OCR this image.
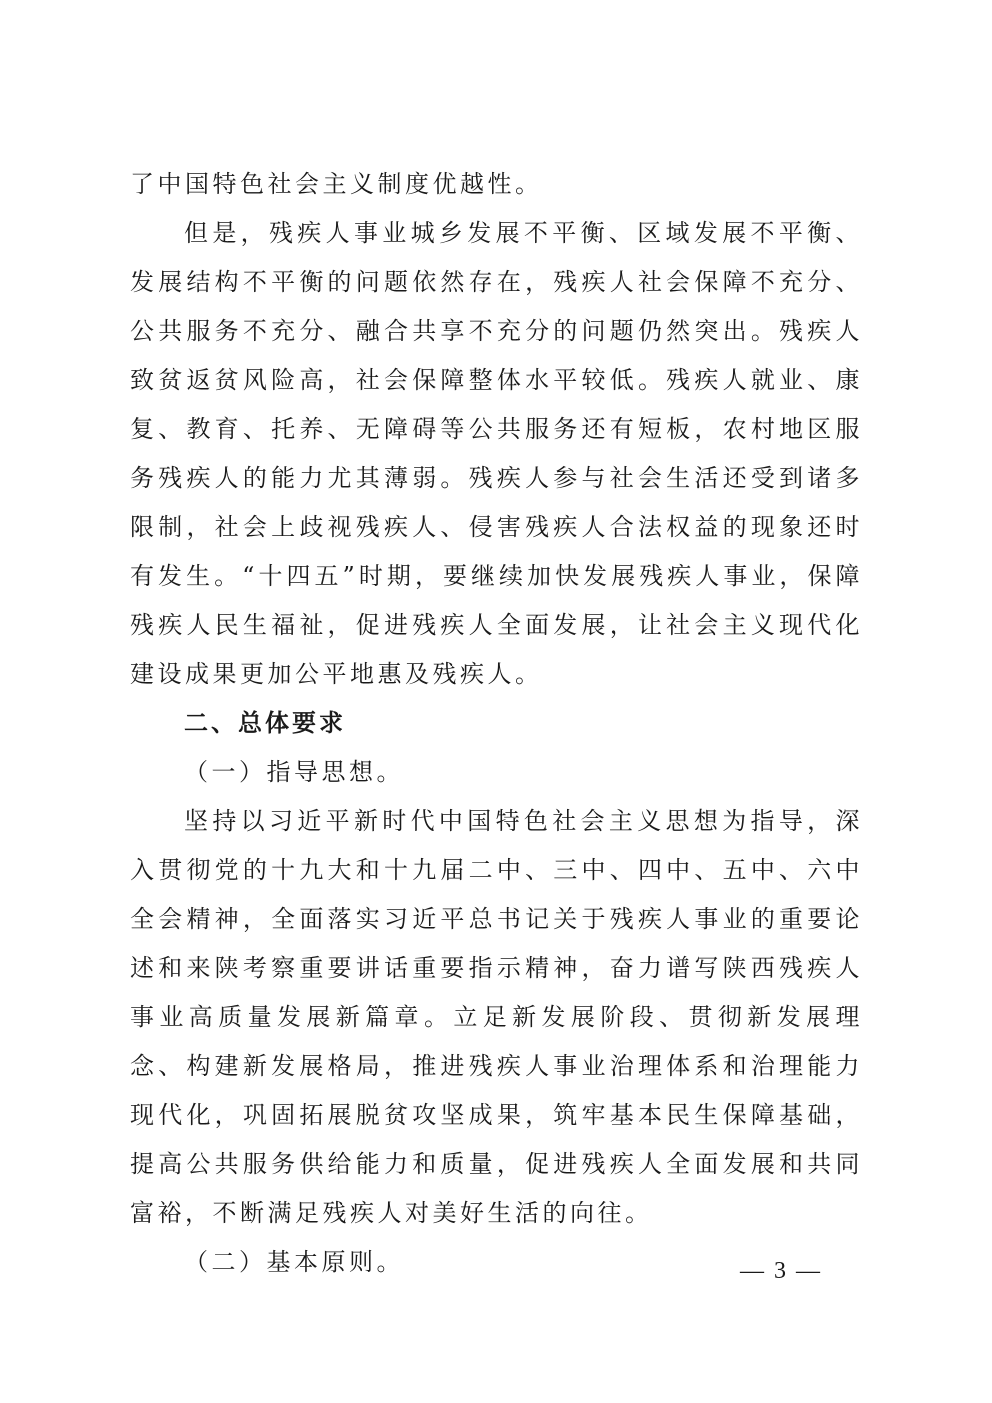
了中国特色社会主义制度优越性。

但是，残疾人事业城乡发展不平衡、区域发展不平衡、发展结构不平衡的问题依然存在，残疾人社会保障不充分、公共服务不充分、融合共享不充分的问题仍然突出。残疾人致贫返贫风险高，社会保障整体水平较低。残疾人就业、康复、教育、托养、无障碍等公共服务还有短板，农村地区服务残疾人的能力尤其薄弱。残疾人参与社会生活还受到诸多限制，社会上歧视残疾人、侵害残疾人合法权益的现象还时有发生。“十四五”时期，要继续加快发展残疾人事业，保障残疾人民生福祉，促进残疾人全面发展，让社会主义现代化建设成果更加公平地惠及残疾人。

二、总体要求

（一）指导思想。

坚持以习近平新时代中国特色社会主义思想为指导，深入贯彻党的十九大和十九届二中、三中、四中、五中、六中全会精神，全面落实习近平总书记关于残疾人事业的重要论述和来陕考察重要讲话重要指示精神，奋力谱写陕西残疾人事业高质量发展新篇章。立足新发展阶段、贯彻新发展理念、构建新发展格局，推进残疾人事业治理体系和治理能力现代化，巩固拓展脱贫攻坚成果，筑牢基本民生保障基础，提高公共服务供给能力和质量，促进残疾人全面发展和共同富裕，不断满足残疾人对美好生活的向往。

（二）基本原则。	— 3 —
